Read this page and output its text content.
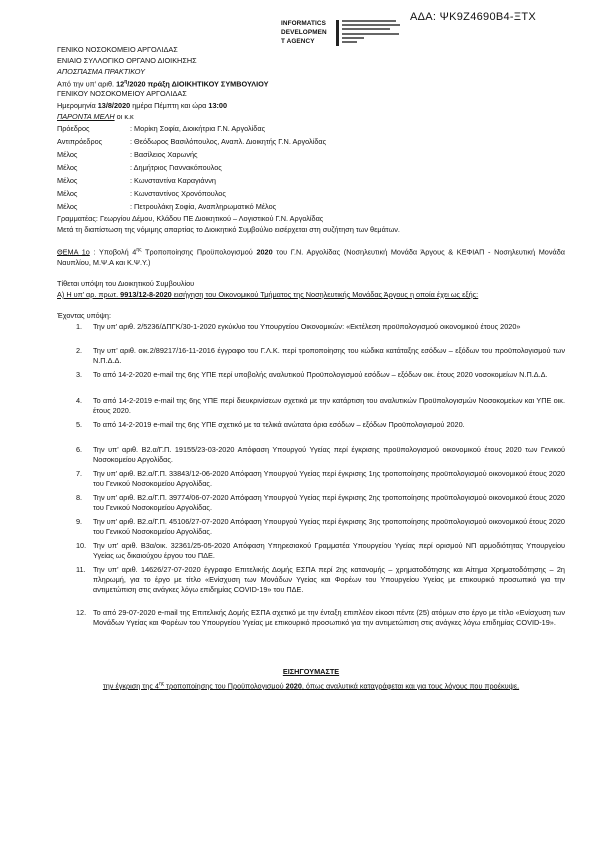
ΑΔΑ: ΨΚ9Ζ4690Β4-ΞΤΧ
INFORMATICS
DEVELOPMEN
T AGENCY
ΓΕΝΙΚΟ ΝΟΣΟΚΟΜΕΙΟ ΑΡΓΟΛΙΔΑΣ
ΕΝΙΑΙΟ ΣΥΛΛΟΓΙΚΟ ΟΡΓΑΝΟ ΔΙΟΙΚΗΣΗΣ
ΑΠΟΣΠΑΣΜΑ ΠΡΑΚΤΙΚΟΥ
Από την υπ’ αριθ. $12^\eta/2020$ πράξη ΔΙΟΙΚΗΤΙΚΟΥ ΣΥΜΒΟΥΛΙΟΥ
ΓΕΝΙΚΟΥ ΝΟΣΟΚΟΜΕΙΟΥ ΑΡΓΟΛΙΔΑΣ
Ημερομηνία 13/8/2020 ημέρα Πέμπτη και ώρα 13:00
ΠΑΡΟΝΤΑ ΜΕΛΗ οι κ.κ
Πρόεδρος	: Μορίκη Σοφία, Διοικήτρια Γ.Ν. Αργολίδας
Αντιπρόεδρος	: Θεόδωρος Βασιλόπουλος, Αναπλ. Διοικητής Γ.Ν. Αργολίδας
Μέλος	: Βασίλειος Χαρωνής
Μέλος	: Δημήτριος Γιαννακόπουλος
Μέλος	: Κωνσταντίνα Καραγιάννη
Μέλος	: Κωνσταντίνος Χρονόπουλος
Μέλος	: Πετρουλάκη Σοφία, Αναπληρωματικό Μέλος
Γραμματέας: Γεωργίου Δέμου, Κλάδου ΠΕ Διοικητικού – Λογιστικού Γ.Ν. Αργολίδας
Μετά τη διαπίστωση της νόμιμης απαρτίας το Διοικητικό Συμβούλιο εισέρχεται στη συζήτηση των θεμάτων.
ΘΕΜΑ 1ο : Υποβολή $4^{\eta\varsigma}$ Τροποποίησης Προϋπολογισμού 2020 του Γ.Ν. Αργολίδας (Νοσηλευτική Μονάδα Άργους & ΚΕΦΙΑΠ - Νοσηλευτική Μονάδα Ναυπλίου, Μ.Ψ.Α και Κ.Ψ.Υ.)
Τίθεται υπόψη του Διοικητικού Συμβουλίου
Α) Η υπ’ αρ. πρωτ. 9913/12-8-2020 εισήγηση του Οικονομικού Τμήματος της Νοσηλευτικής Μονάδας Άργους η οποία έχει ως εξής:
Έχοντας υπόψη:
1. Την υπ’ αριθ. 2/5236/ΔΠΓΚ/30-1-2020 εγκύκλιο του Υπουργείου Οικονομικών: «Εκτέλεση προϋπολογισμού οικονομικού έτους 2020»
2. Την υπ’ αριθ. οικ.2/89217/16-11-2016 έγγραφο του Γ.Λ.Κ. περί τροποποίησης του κώδικα κατάταξης εσόδων – εξόδων του προϋπολογισμού των Ν.Π.Δ.Δ.
3. Το από 14-2-2020 e-mail της 6ης ΥΠΕ περί υποβολής αναλυτικού Προϋπολογισμού εσόδων – εξόδων οικ. έτους 2020 νοσοκομείων Ν.Π.Δ.Δ.
4. Το από 14-2-2019 e-mail της 6ης ΥΠΕ περί διευκρινίσεων σχετικά με την κατάρτιση του αναλυτικών Προϋπολογισμών Νοσοκομείων και ΥΠΕ οικ. έτους 2020.
5. Το από 14-2-2019 e-mail της 6ης ΥΠΕ σχετικό με τα τελικά ανώτατα όρια εσόδων – εξόδων Προϋπολογισμού 2020.
6. Την υπ’ αριθ. Β2.α/Γ.Π. 19155/23-03-2020 Απόφαση Υπουργού Υγείας περί έγκρισης προϋπολογισμού οικονομικού έτους 2020 των Γενικού Νοσοκομείου Αργολίδας.
7. Την υπ’ αριθ. Β2.α/Γ.Π. 33843/12-06-2020 Απόφαση Υπουργού Υγείας περί έγκρισης 1ης τροποποίησης προϋπολογισμού οικονομικού έτους 2020 του Γενικού Νοσοκομείου Αργολίδας.
8. Την υπ’ αριθ. Β2.α/Γ.Π. 39774/06-07-2020 Απόφαση Υπουργού Υγείας περί έγκρισης 2ης τροποποίησης προϋπολογισμού οικονομικού έτους 2020 του Γενικού Νοσοκομείου Αργολίδας.
9. Την υπ’ αριθ. Β2.α/Γ.Π. 45106/27-07-2020 Απόφαση Υπουργού Υγείας περί έγκρισης 3ης τροποποίησης προϋπολογισμού οικονομικού έτους 2020 του Γενικού Νοσοκομείου Αργολίδας.
10. Την υπ’ αριθ. Β3α/οικ. 32361/25-05-2020 Απόφαση Υπηρεσιακού Γραμματέα Υπουργείου Υγείας περί ορισμού ΝΠ αρμοδιότητας Υπουργείου Υγείας ως δικαιούχου έργου του ΠΔΕ.
11. Την υπ’ αριθ. 14626/27-07-2020 έγγραφο Επιτελικής Δομής ΕΣΠΑ περί 2ης κατανομής – χρηματοδότησης και Αίτημα Χρηματοδότησης – 2η πληρωμή, για το έργο με τίτλο «Ενίσχυση των Μονάδων Υγείας και Φορέων του Υπουργείου Υγείας με επικουρικό προσωπικό για την αντιμετώπιση στις ανάγκες λόγω επιδημίας COVID-19» του ΠΔΕ.
12. Το από 29-07-2020 e-mail της Επιτελικής Δομής ΕΣΠΑ σχετικό με την ένταξη επιπλέον είκοσι πέντε (25) ατόμων στο έργο με τίτλο «Ενίσχυση των Μονάδων Υγείας και Φορέων του Υπουργείου Υγείας με επικουρικό προσωπικό για την αντιμετώπιση στις ανάγκες λόγω επιδημίας COVID-19».
ΕΙΣΗΓΟΥΜΑΣΤΕ
την έγκριση της $4^{\eta\varsigma}$ τροποποίησης του Προϋπολογισμού 2020, όπως αναλυτικά καταγράφεται και για τους λόγους που προέκυψε.
